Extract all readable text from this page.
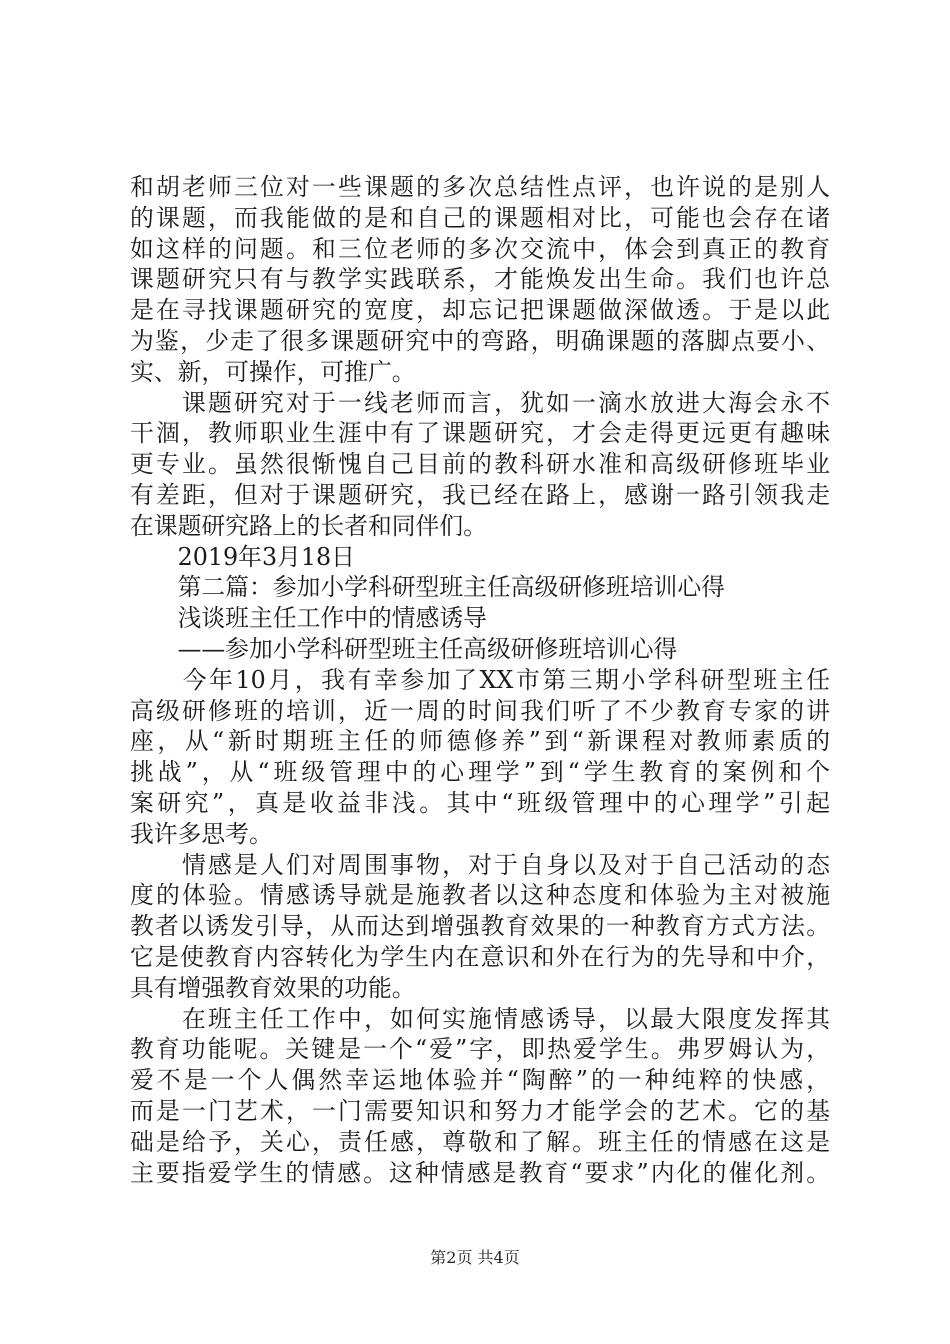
和胡老师三位对一些课题的多次总结性点评，也许说的是别人
的课题，而我能做的是和自己的课题相对比，可能也会存在诸
如这样的问题。和三位老师的多次交流中，体会到真正的教育
课题研究只有与教学实践联系，才能焕发出生命。我们也许总
是在寻找课题研究的宽度，却忘记把课题做深做透。于是以此
为鉴，少走了很多课题研究中的弯路，明确课题的落脚点要小、
实、新，可操作，可推广。
　　课题研究对于一线老师而言，犹如一滴水放进大海会永不
干涸，教师职业生涯中有了课题研究，才会走得更远更有趣味
更专业。虽然很惭愧自己目前的教科研水准和高级研修班毕业
有差距，但对于课题研究，我已经在路上，感谢一路引领我走
在课题研究路上的长者和同伴们。
　　2019年3月18日
　　第二篇：参加小学科研型班主任高级研修班培训心得
　　浅谈班主任工作中的情感诱导
　　——参加小学科研型班主任高级研修班培训心得
　　今年10月，我有幸参加了XX市第三期小学科研型班主任
高级研修班的培训，近一周的时间我们听了不少教育专家的讲
座，从“新时期班主任的师德修养”到“新课程对教师素质的
挑战”，从“班级管理中的心理学”到“学生教育的案例和个
案研究”，真是收益非浅。其中“班级管理中的心理学”引起
我许多思考。
　　情感是人们对周围事物，对于自身以及对于自己活动的态
度的体验。情感诱导就是施教者以这种态度和体验为主对被施
教者以诱发引导，从而达到增强教育效果的一种教育方式方法。
它是使教育内容转化为学生内在意识和外在行为的先导和中介，
具有增强教育效果的功能。
　　在班主任工作中，如何实施情感诱导，以最大限度发挥其
教育功能呢。关键是一个“爱”字，即热爱学生。弗罗姆认为，
爱不是一个人偶然幸运地体验并“陶醉”的一种纯粹的快感，
而是一门艺术，一门需要知识和努力才能学会的艺术。它的基
础是给予，关心，责任感，尊敬和了解。班主任的情感在这是
主要指爱学生的情感。这种情感是教育“要求”内化的催化剂。
第2页 共4页
